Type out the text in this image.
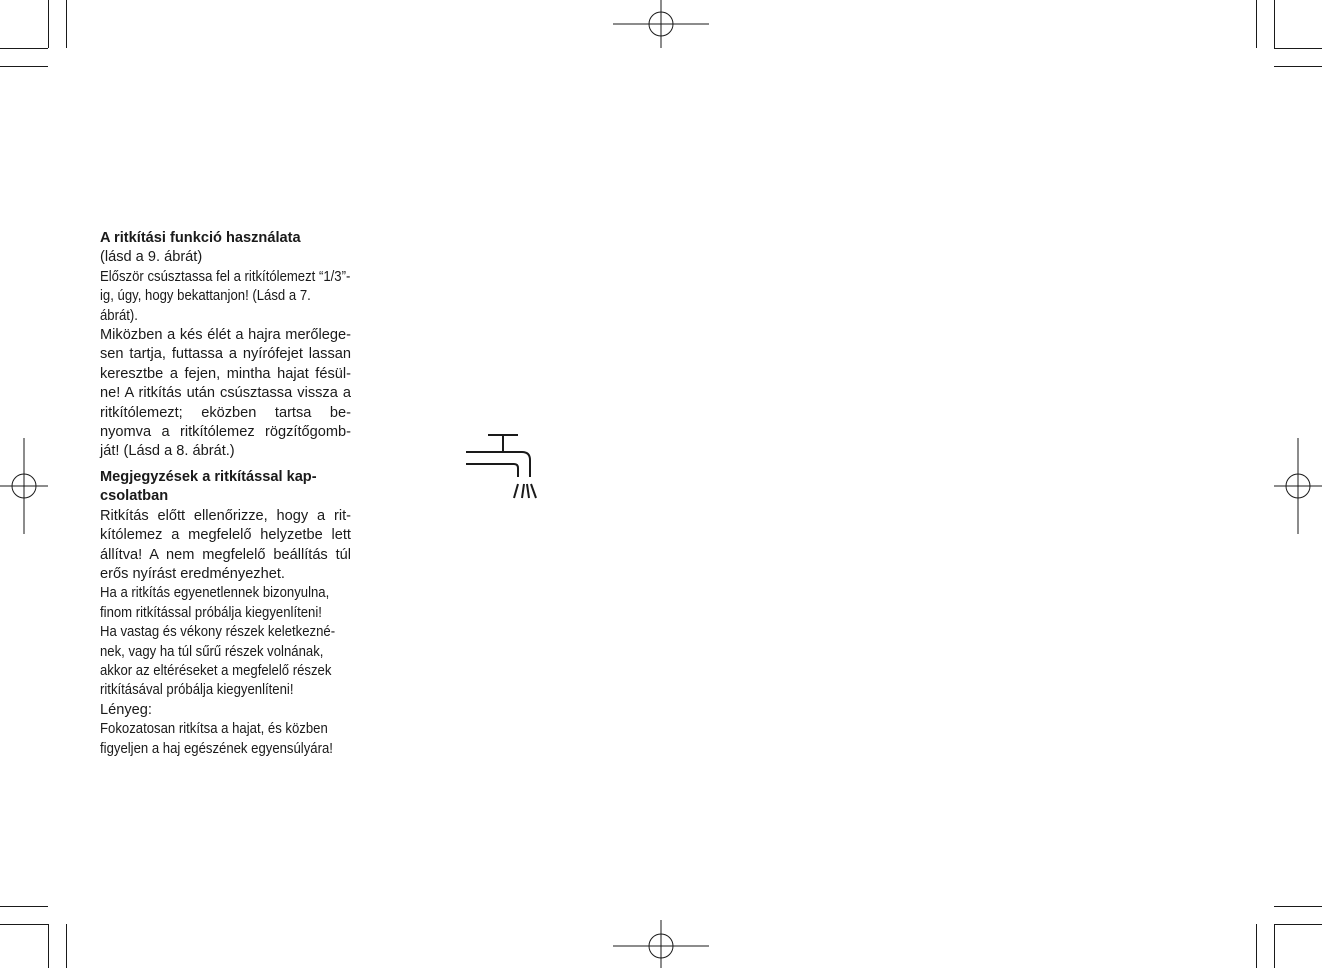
A ritkítási funkció használata

(lásd a 9. ábrát)

Először csúsztassa fel a ritkítólemezt “1/3”-
ig, úgy, hogy bekattanjon! (Lásd a 7. ábrát).

Miközben a kés élét a hajra merőlege-sen tartja, futtassa a nyírófejet lassan keresztbe a fejen, mintha hajat fésül-ne! A ritkítás után csúsztassa vissza a ritkítólemezt; eközben tartsa be-nyomva a ritkítólemez rögzítőgomb-ját! (Lásd a 8. ábrát.)

Megjegyzések a ritkítással kap-
csolatban

Ritkítás előtt ellenőrizze, hogy a rit-kítólemez a megfelelő helyzetbe lett állítva! A nem megfelelő beállítás túl erős nyírást eredményezhet.

Ha a ritkítás egyenetlennek bizonyulna,
finom ritkítással próbálja kiegyenlíteni!
Ha vastag és vékony részek keletkezné-
nek, vagy ha túl sűrű részek volnának,
akkor az eltéréseket a megfelelő részek
ritkításával próbálja kiegyenlíteni!

Lényeg:

Fokozatosan ritkítsa a hajat, és közben
figyeljen a haj egészének egyensúlyára!
